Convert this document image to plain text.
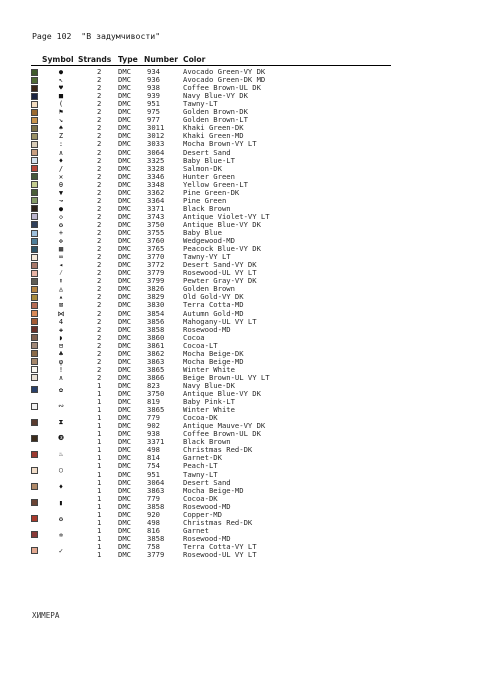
Page 102 "В задумчивости"
Symbol Strands Type Number Color
●	2 DMC 934	Avocado Green-VY DK
↖	2 DMC 936	Avocado Green-DK MD
♥	2 DMC 938	Coffee Brown-UL DK
■	2 DMC 939	Navy Blue-VY DK
(	2 DMC 951	Tawny-LT
⚑	2 DMC 975	Golden Brown-DK
↘	2 DMC 977	Golden Brown-LT
♠	2 DMC 3011	Khaki Green-DK
Z	2 DMC 3012	Khaki Green-MD
:	2 DMC 3033	Mocha Brown-VY LT
∧	2 DMC 3064	Desert Sand
♦	2 DMC 3325	Baby Blue-LT
/	2 DMC 3328	Salmon-DK
✕	2 DMC 3346	Hunter Green
θ	2 DMC 3348	Yellow Green-LT
▼	2 DMC 3362	Pine Green-DK
↝	2 DMC 3364	Pine Green
●	2 DMC 3371	Black Brown
◇	2 DMC 3743	Antique Violet-VY LT
✪	2 DMC 3750	Antique Blue-VY DK
+	2 DMC 3755	Baby Blue
✜	2 DMC 3760	Wedgewood-MD
▩	2 DMC 3765	Peacock Blue-VY DK
∞	2 DMC 3770	Tawny-VY LT
◂	2 DMC 3772	Desert Sand-VY DK
⁄	2 DMC 3779	Rosewood-UL VY LT
⬆	2 DMC 3799	Pewter Gray-VY DK
◬	2 DMC 3826	Golden Brown
▴	2 DMC 3829	Old Gold-VY DK
⊠	2 DMC 3830	Terra Cotta-MD
⋈	2 DMC 3854	Autumn Gold-MD
4	2 DMC 3856	Mahogany-UL VY LT
✚	2 DMC 3858	Rosewood-MD
◗	2 DMC 3860	Cocoa
⊟	2 DMC 3861	Cocoa-LT
♣	2 DMC 3862	Mocha Beige-DK
φ	2 DMC 3863	Mocha Beige-MD
!	2 DMC 3865	Winter White
∧	2 DMC 3866	Beige Brown-UL VY LT
✿	1 DMC 823	Navy Blue-DK
1 DMC 3750	Antique Blue-VY DK
∾	1 DMC 819	Baby Pink-LT
1 DMC 3865	Winter White
⧗	1 DMC 779	Cocoa-DK
1 DMC 902	Antique Mauve-VY DK
❸	1 DMC 938	Coffee Brown-UL DK
1 DMC 3371	Black Brown
♨	1 DMC 498	Christmas Red-DK
1 DMC 814	Garnet-DK
○	1 DMC 754	Peach-LT
1 DMC 951	Tawny-LT
♦	1 DMC 3064	Desert Sand
1 DMC 3863	Mocha Beige-MD
▮	1 DMC 779	Cocoa-DK
1 DMC 3858	Rosewood-MD
✪	1 DMC 920	Copper-MD
1 DMC 498	Christmas Red-DK
✲	1 DMC 816	Garnet
1 DMC 3858	Rosewood-MD
✓	1 DMC 758	Terra Cotta-VY LT
1 DMC 3779	Rosewood-UL VY LT
ХИМЕРА
